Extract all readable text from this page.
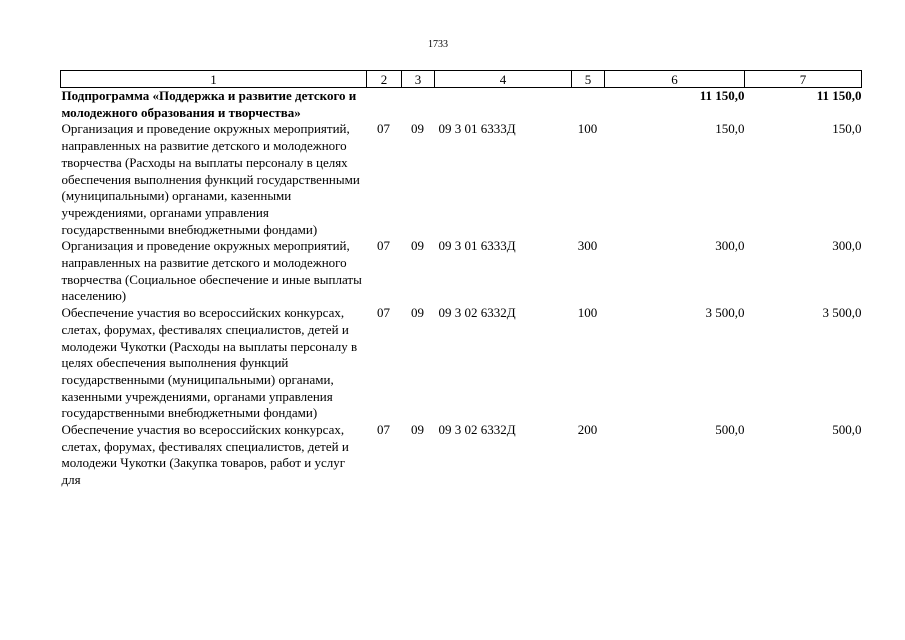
1733
1	2	3	4	5	6	7
Подпрограмма «Поддержка и развитие детского и молодежного образования и творчества»					11 150,0	11 150,0
Организация и проведение окружных мероприятий, направленных на развитие детского и молодежного творчества (Расходы на выплаты персоналу в целях обеспечения выполнения функций государственными (муниципальными) органами, казенными учреждениями, органами управления государственными внебюджетными фондами)	07	09	09 3 01 6333Д	100	150,0	150,0
Организация и проведение окружных мероприятий, направленных на развитие детского и молодежного творчества (Социальное обеспечение и иные выплаты населению)	07	09	09 3 01 6333Д	300	300,0	300,0
Обеспечение участия во всероссийских конкурсах, слетах, форумах, фестивалях специалистов, детей и молодежи Чукотки (Расходы на выплаты персоналу в целях обеспечения выполнения функций государственными (муниципальными) органами, казенными учреждениями, органами управления государственными внебюджетными фондами)	07	09	09 3 02 6332Д	100	3 500,0	3 500,0
Обеспечение участия во всероссийских конкурсах, слетах, форумах, фестивалях специалистов, детей и молодежи Чукотки (Закупка товаров, работ и услуг для	07	09	09 3 02 6332Д	200	500,0	500,0
